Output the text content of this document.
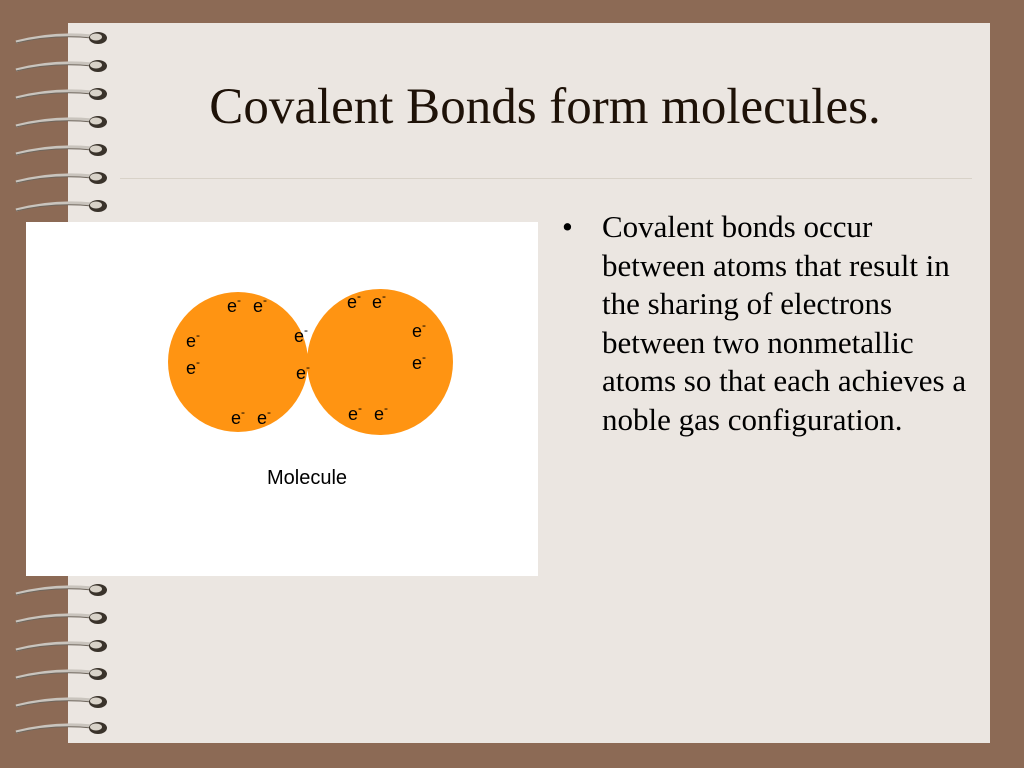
Covalent Bonds form molecules.
e- e-	e- e-
e-	e-	e-
e-
e-	e-
e- e-	e- e-
Molecule
• Covalent bonds occur between atoms that result in the sharing of electrons between two nonmetallic atoms so that each achieves a noble gas configuration.
